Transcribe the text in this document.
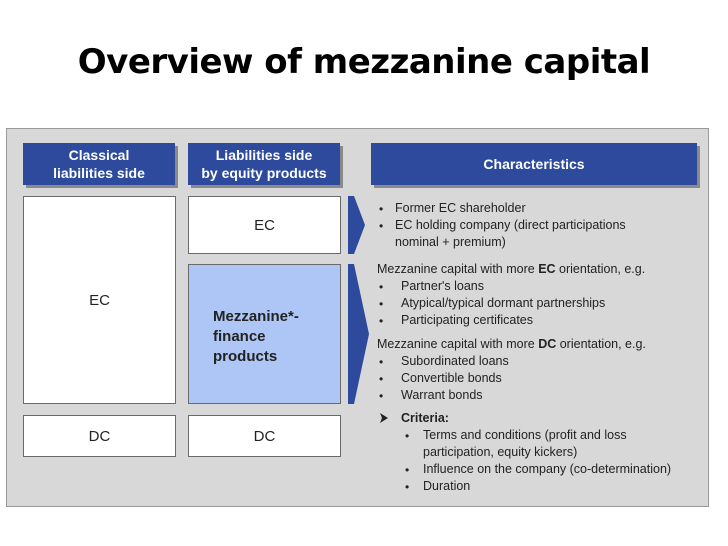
Overview of mezzanine capital
Classical
liabilities side
Liabilities side
by equity products
Characteristics
EC
DC
EC
Mezzanine*-
finance
products
DC
• Former EC shareholder
• EC holding company (direct participations
nominal + premium)
Mezzanine capital with more EC orientation, e.g.
• Partner's loans
• Atypical/typical dormant partnerships
• Participating certificates
Mezzanine capital with more DC orientation, e.g.
• Subordinated loans
• Convertible bonds
• Warrant bonds
Criteria:
• Terms and conditions (profit and loss
participation, equity kickers)
• Influence on the company (co-determination)
• Duration
